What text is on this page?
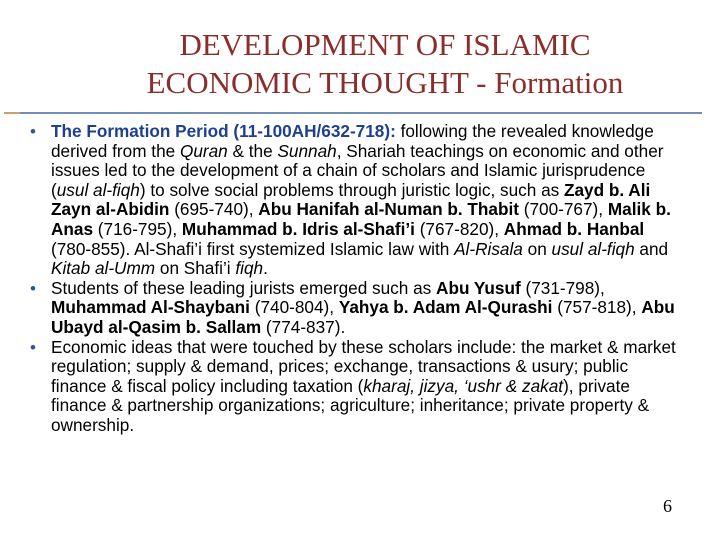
DEVELOPMENT OF ISLAMIC
ECONOMIC THOUGHT - Formation

• The Formation Period (11-100AH/632-718): following the revealed knowledge derived from the Quran & the Sunnah, Shariah teachings on economic and other issues led to the development of a chain of scholars and Islamic jurisprudence (usul al-fiqh) to solve social problems through juristic logic, such as Zayd b. Ali Zayn al-Abidin (695-740), Abu Hanifah al-Numan b. Thabit (700-767), Malik b. Anas (716-795), Muhammad b. Idris al-Shafi’i (767-820), Ahmad b. Hanbal (780-855). Al-Shafi’i first systemized Islamic law with Al-Risala on usul al-fiqh and Kitab al-Umm on Shafi’i fiqh.

• Students of these leading jurists emerged such as Abu Yusuf (731-798), Muhammad Al-Shaybani (740-804), Yahya b. Adam Al-Qurashi (757-818), Abu Ubayd al-Qasim b. Sallam (774-837).

• Economic ideas that were touched by these scholars include: the market & market regulation; supply & demand, prices; exchange, transactions & usury; public finance & fiscal policy including taxation (kharaj, jizya, ‘ushr & zakat), private finance & partnership organizations; agriculture; inheritance; private property & ownership.

6
